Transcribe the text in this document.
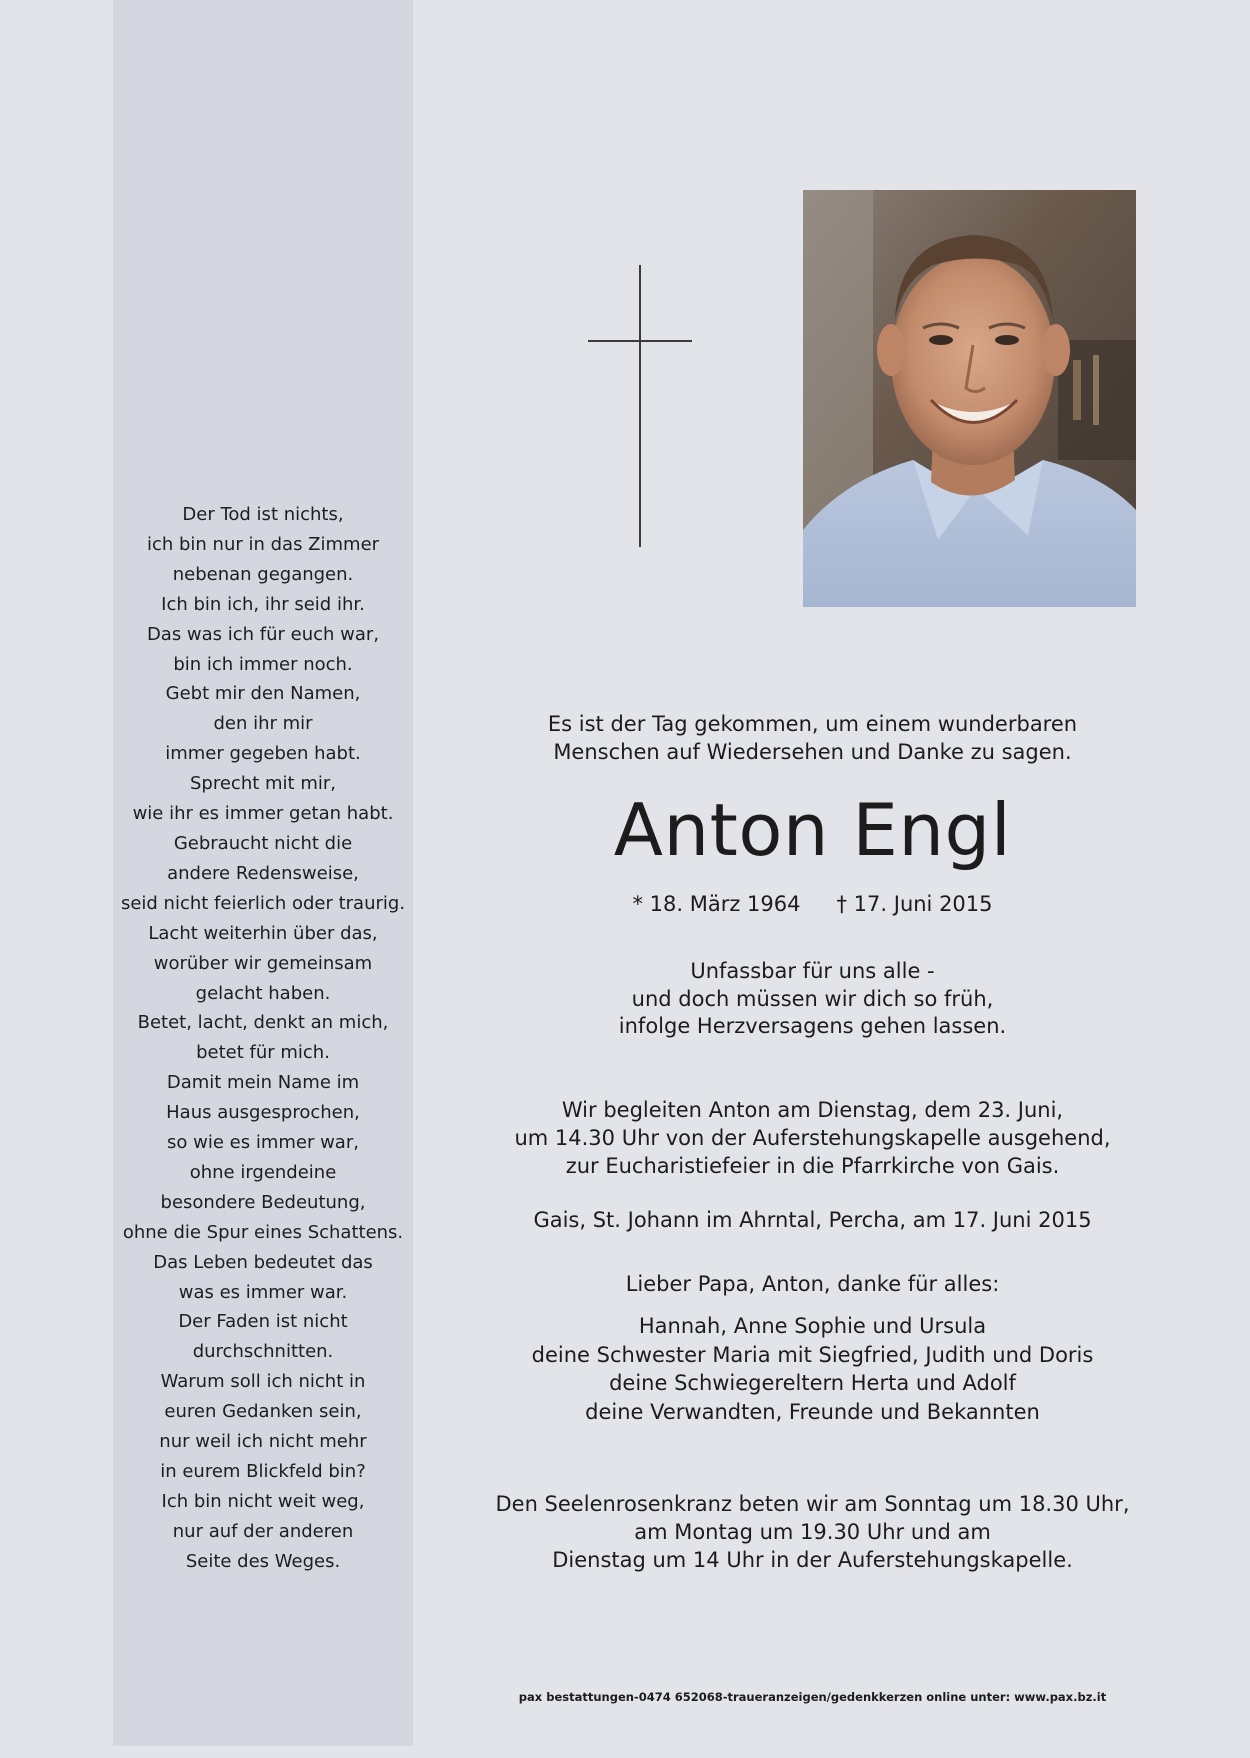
Der Tod ist nichts,
ich bin nur in das Zimmer
nebenan gegangen.
Ich bin ich, ihr seid ihr.
Das was ich für euch war,
bin ich immer noch.
Gebt mir den Namen,
den ihr mir
immer gegeben habt.
Sprecht mit mir,
wie ihr es immer getan habt.
Gebraucht nicht die
andere Redensweise,
seid nicht feierlich oder traurig.
Lacht weiterhin über das,
worüber wir gemeinsam
gelacht haben.
Betet, lacht, denkt an mich,
betet für mich.
Damit mein Name im
Haus ausgesprochen,
so wie es immer war,
ohne irgendeine
besondere Bedeutung,
ohne die Spur eines Schattens.
Das Leben bedeutet das
was es immer war.
Der Faden ist nicht
durchschnitten.
Warum soll ich nicht in
euren Gedanken sein,
nur weil ich nicht mehr
in eurem Blickfeld bin?
Ich bin nicht weit weg,
nur auf der anderen
Seite des Weges.
Es ist der Tag gekommen, um einem wunderbaren
Menschen auf Wiedersehen und Danke zu sagen.
Anton Engl
* 18. März 1964 † 17. Juni 2015
Unfassbar für uns alle -
und doch müssen wir dich so früh,
infolge Herzversagens gehen lassen.
Wir begleiten Anton am Dienstag, dem 23. Juni,
um 14.30 Uhr von der Auferstehungskapelle ausgehend,
zur Eucharistiefeier in die Pfarrkirche von Gais.
Gais, St. Johann im Ahrntal, Percha, am 17. Juni 2015
Lieber Papa, Anton, danke für alles:
Hannah, Anne Sophie und Ursula
deine Schwester Maria mit Siegfried, Judith und Doris
deine Schwiegereltern Herta und Adolf
deine Verwandten, Freunde und Bekannten
Den Seelenrosenkranz beten wir am Sonntag um 18.30 Uhr,
am Montag um 19.30 Uhr und am
Dienstag um 14 Uhr in der Auferstehungskapelle.
pax bestattungen-0474 652068-traueranzeigen/gedenkkerzen online unter: www.pax.bz.it
